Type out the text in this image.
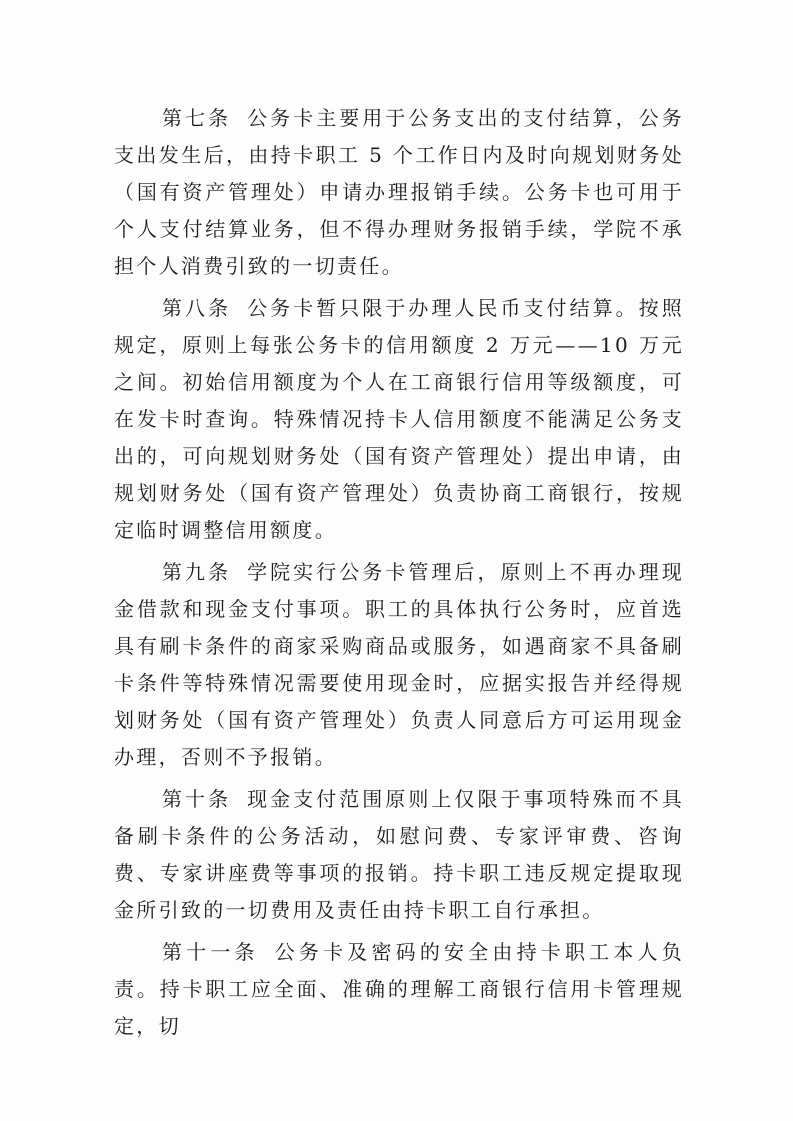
第七条 公务卡主要用于公务支出的支付结算，公务支出发生后，由持卡职工 5 个工作日内及时向规划财务处（国有资产管理处）申请办理报销手续。公务卡也可用于个人支付结算业务，但不得办理财务报销手续，学院不承担个人消费引致的一切责任。

第八条 公务卡暂只限于办理人民币支付结算。按照规定，原则上每张公务卡的信用额度 2 万元——10 万元之间。初始信用额度为个人在工商银行信用等级额度，可在发卡时查询。特殊情况持卡人信用额度不能满足公务支出的，可向规划财务处（国有资产管理处）提出申请，由规划财务处（国有资产管理处）负责协商工商银行，按规定临时调整信用额度。

第九条 学院实行公务卡管理后，原则上不再办理现金借款和现金支付事项。职工的具体执行公务时，应首选具有刷卡条件的商家采购商品或服务，如遇商家不具备刷卡条件等特殊情况需要使用现金时，应据实报告并经得规划财务处（国有资产管理处）负责人同意后方可运用现金办理，否则不予报销。

第十条 现金支付范围原则上仅限于事项特殊而不具备刷卡条件的公务活动，如慰问费、专家评审费、咨询费、专家讲座费等事项的报销。持卡职工违反规定提取现金所引致的一切费用及责任由持卡职工自行承担。

第十一条 公务卡及密码的安全由持卡职工本人负责。持卡职工应全面、准确的理解工商银行信用卡管理规定，切
